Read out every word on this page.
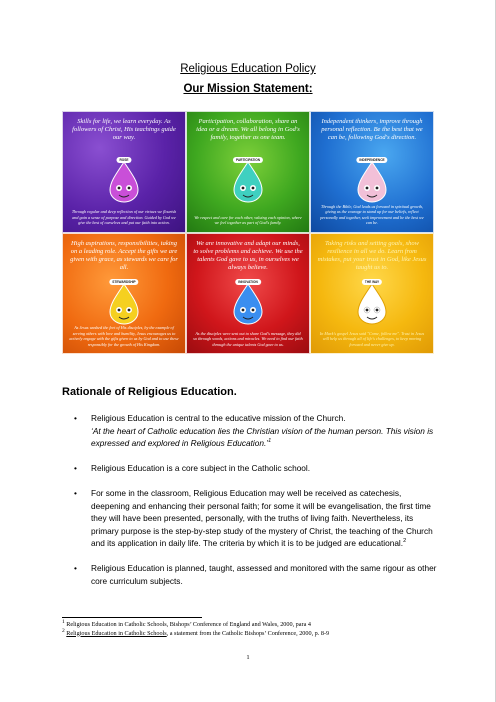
Religious Education Policy
Our Mission Statement:
Skills for life, we learn everyday. As followers of Christ, His teachings guide our way.
ROSE
Through regular and deep reflection of our virtues we flourish and gain a sense of purpose and direction. Guided by God we give the best of ourselves and put our faith into action.
Participation, collaboration, share an idea or a dream. We all belong in God's family, together as one team.
PARTICIPATION
We respect and care for each other, valuing each opinion, where we feel together as part of God's family.
Independent thinkers, improve through personal reflection. Be the best that we can be, following God's direction.
INDEPENDENCE
Through the Bible, God leads us forward in spiritual growth, giving us the courage to stand up for our beliefs, reflect personally and together, seek improvement and be the best we can be.
High aspirations, responsibilities, taking on a leading role. Accept the gifts we are given with grace, as stewards we care for all.
STEWARDSHIP
As Jesus washed the feet of His disciples, by the example of serving others with love and humility, Jesus encourages us to actively engage with the gifts given to us by God and to use these responsibly for the growth of His Kingdom.
We are innovative and adapt our minds, to solve problems and achieve. We use the talents God gave to us, in ourselves we always believe.
INNOVATION
As the disciples were sent out to share God's message, they did so through words, actions and miracles. We need to find our faith through the unique talents God gave to us.
Taking risks and setting goals, show resilience in all we do. Learn from mistakes, put your trust in God, like Jesus taught us to.
THE WAY
In Mark's gospel Jesus said "Come, follow me". Trust in Jesus will help us through all of life's challenges, to keep moving forward and never give up.
Rationale of Religious Education.
• Religious Education is central to the educative mission of the Church.
‘At the heart of Catholic education lies the Christian vision of the human person. This vision is expressed and explored in Religious Education.’$^1$
• Religious Education is a core subject in the Catholic school.
• For some in the classroom, Religious Education may well be received as catechesis, deepening and enhancing their personal faith; for some it will be evangelisation, the first time they will have been presented, personally, with the truths of living faith. Nevertheless, its primary purpose is the step-by-step study of the mystery of Christ, the teaching of the Church and its application in daily life. The criteria by which it is to be judged are educational.$^2$
• Religious Education is planned, taught, assessed and monitored with the same rigour as other core curriculum subjects.
$^1$ Religious Education in Catholic Schools, Bishops’ Conference of England and Wales, 2000, para 4
$^2$ Religious Education in Catholic Schools, a statement from the Catholic Bishops’ Conference, 2000, p. 8-9
1
